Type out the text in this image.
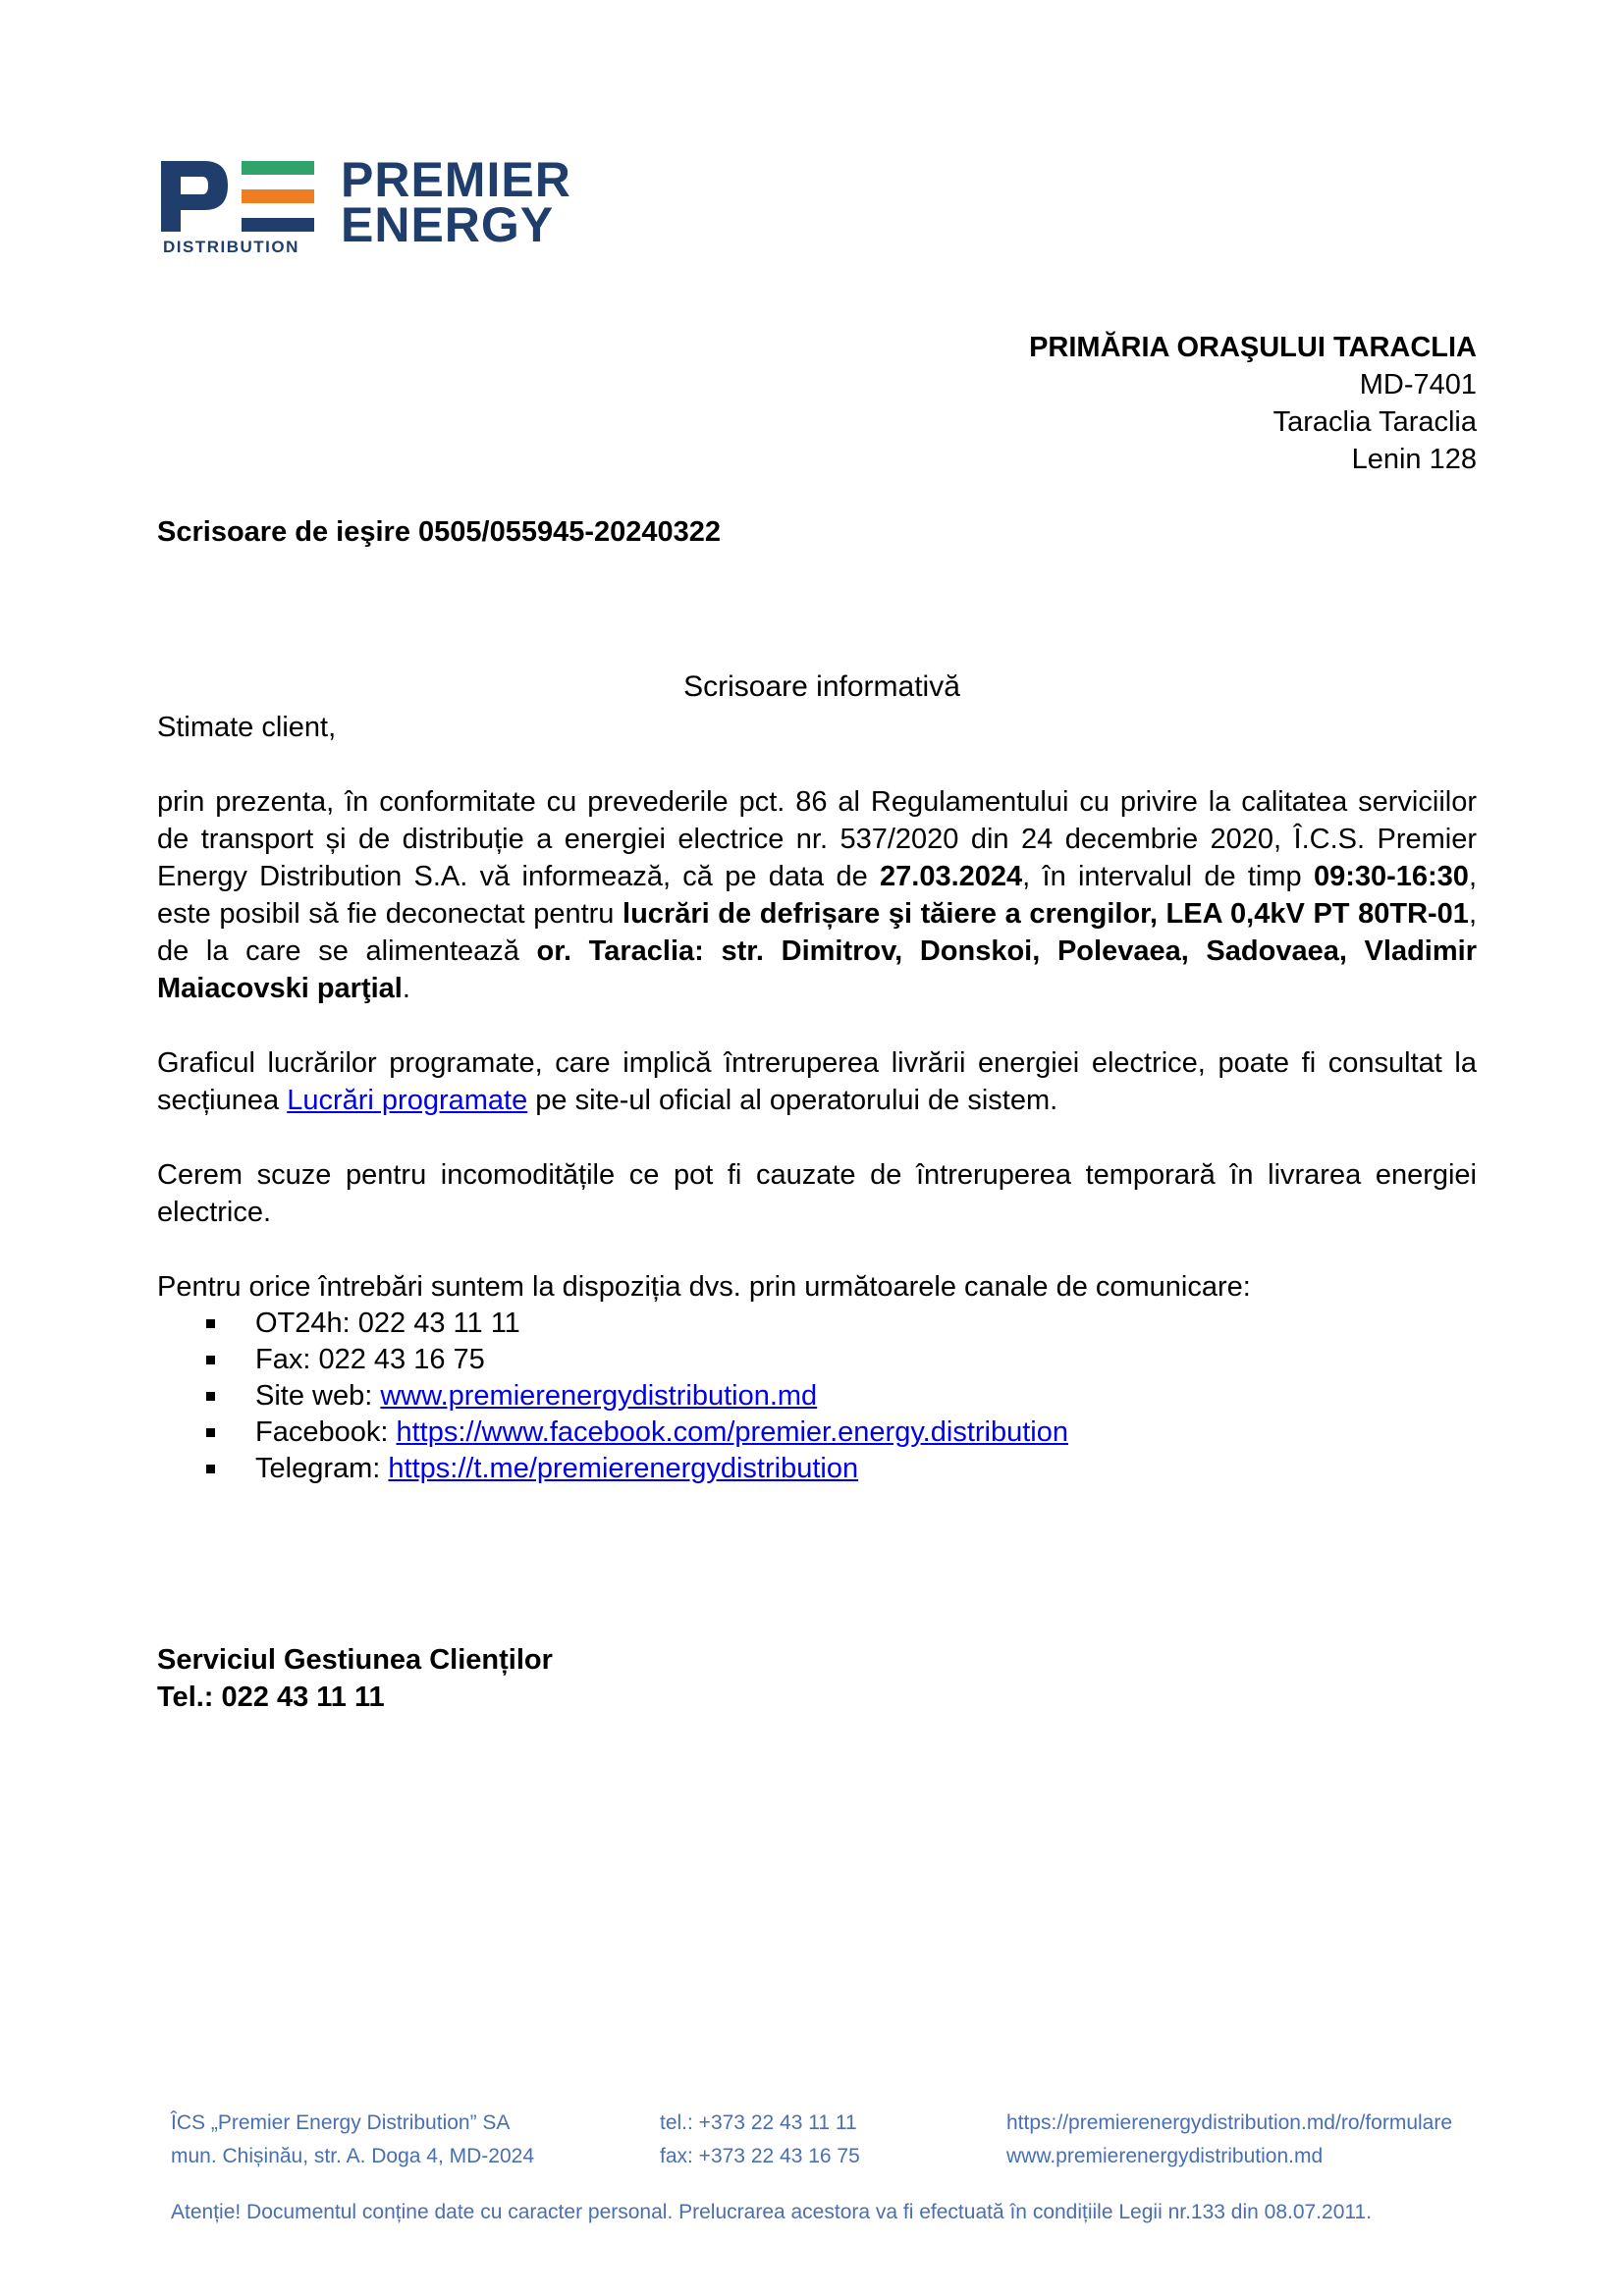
PREMIER
ENERGY
DISTRIBUTION
PRIMĂRIA ORAŞULUI TARACLIA
MD-7401
Taraclia Taraclia
Lenin 128
Scrisoare de ieşire 0505/055945-20240322
Scrisoare informativă

Stimate client,

prin prezenta, în conformitate cu prevederile pct. 86 al Regulamentului cu privire la calitatea serviciilor de transport și de distribuție a energiei electrice nr. 537/2020 din 24 decembrie 2020, Î.C.S. Premier Energy Distribution S.A. vă informează, că pe data de 27.03.2024, în intervalul de timp 09:30-16:30, este posibil să fie deconectat pentru lucrări de defrișare şi tăiere a crengilor, LEA 0,4kV PT 80TR-01, de la care se alimentează or. Taraclia: str. Dimitrov, Donskoi, Polevaea, Sadovaea, Vladimir Maiacovski parţial.

Graficul lucrărilor programate, care implică întreruperea livrării energiei electrice, poate fi consultat la secțiunea Lucrări programate pe site-ul oficial al operatorului de sistem.

Cerem scuze pentru incomoditățile ce pot fi cauzate de întreruperea temporară în livrarea energiei electrice.

Pentru orice întrebări suntem la dispoziția dvs. prin următoarele canale de comunicare:

OT24h: 022 43 11 11
Fax: 022 43 16 75
Site web: www.premierenergydistribution.md
Facebook: https://www.facebook.com/premier.energy.distribution
Telegram: https://t.me/premierenergydistribution
Serviciul Gestiunea Clienților
Tel.: 022 43 11 11
ÎCS „Premier Energy Distribution” SA
mun. Chișinău, str. A. Doga 4, MD-2024
tel.: +373 22 43 11 11
fax: +373 22 43 16 75
https://premierenergydistribution.md/ro/formulare
www.premierenergydistribution.md
Atenție! Documentul conține date cu caracter personal. Prelucrarea acestora va fi efectuată în condițiile Legii nr.133 din 08.07.2011.
